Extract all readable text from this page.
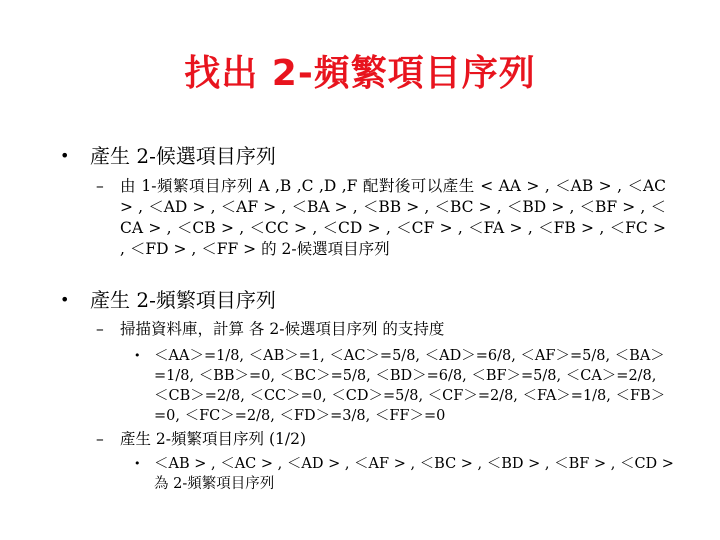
找出 2-頻繁項目序列
• 產生 2-候選項目序列
– 由 1-頻繁項目序列 A ,B ,C ,D ,F 配對後可以產生 < AA > , ＜AB > , ＜AC > , ＜AD > , ＜AF > , ＜BA > , ＜BB > , ＜BC > , ＜BD > , ＜BF > , ＜CA > , ＜CB > , ＜CC > , ＜CD > , ＜CF > , ＜FA > , ＜FB > , ＜FC > , ＜FD > , ＜FF > 的 2-候選項目序列
• 產生 2-頻繁項目序列
– 掃描資料庫，計算 各 2-候選項目序列 的支持度
• ＜AA＞=1/8, ＜AB＞=1, ＜AC＞=5/8, ＜AD＞=6/8, ＜AF＞=5/8, ＜BA＞=1/8, ＜BB＞=0, ＜BC＞=5/8, ＜BD＞=6/8, ＜BF＞=5/8, ＜CA＞=2/8, ＜CB＞=2/8, ＜CC＞=0, ＜CD＞=5/8, ＜CF＞=2/8, ＜FA＞=1/8, ＜FB＞=0, ＜FC＞=2/8, ＜FD＞=3/8, ＜FF＞=0
– 產生 2-頻繁項目序列 (1/2)
• ＜AB > , ＜AC > , ＜AD > , ＜AF > , ＜BC > , ＜BD > , ＜BF > , ＜CD > 為 2-頻繁項目序列
